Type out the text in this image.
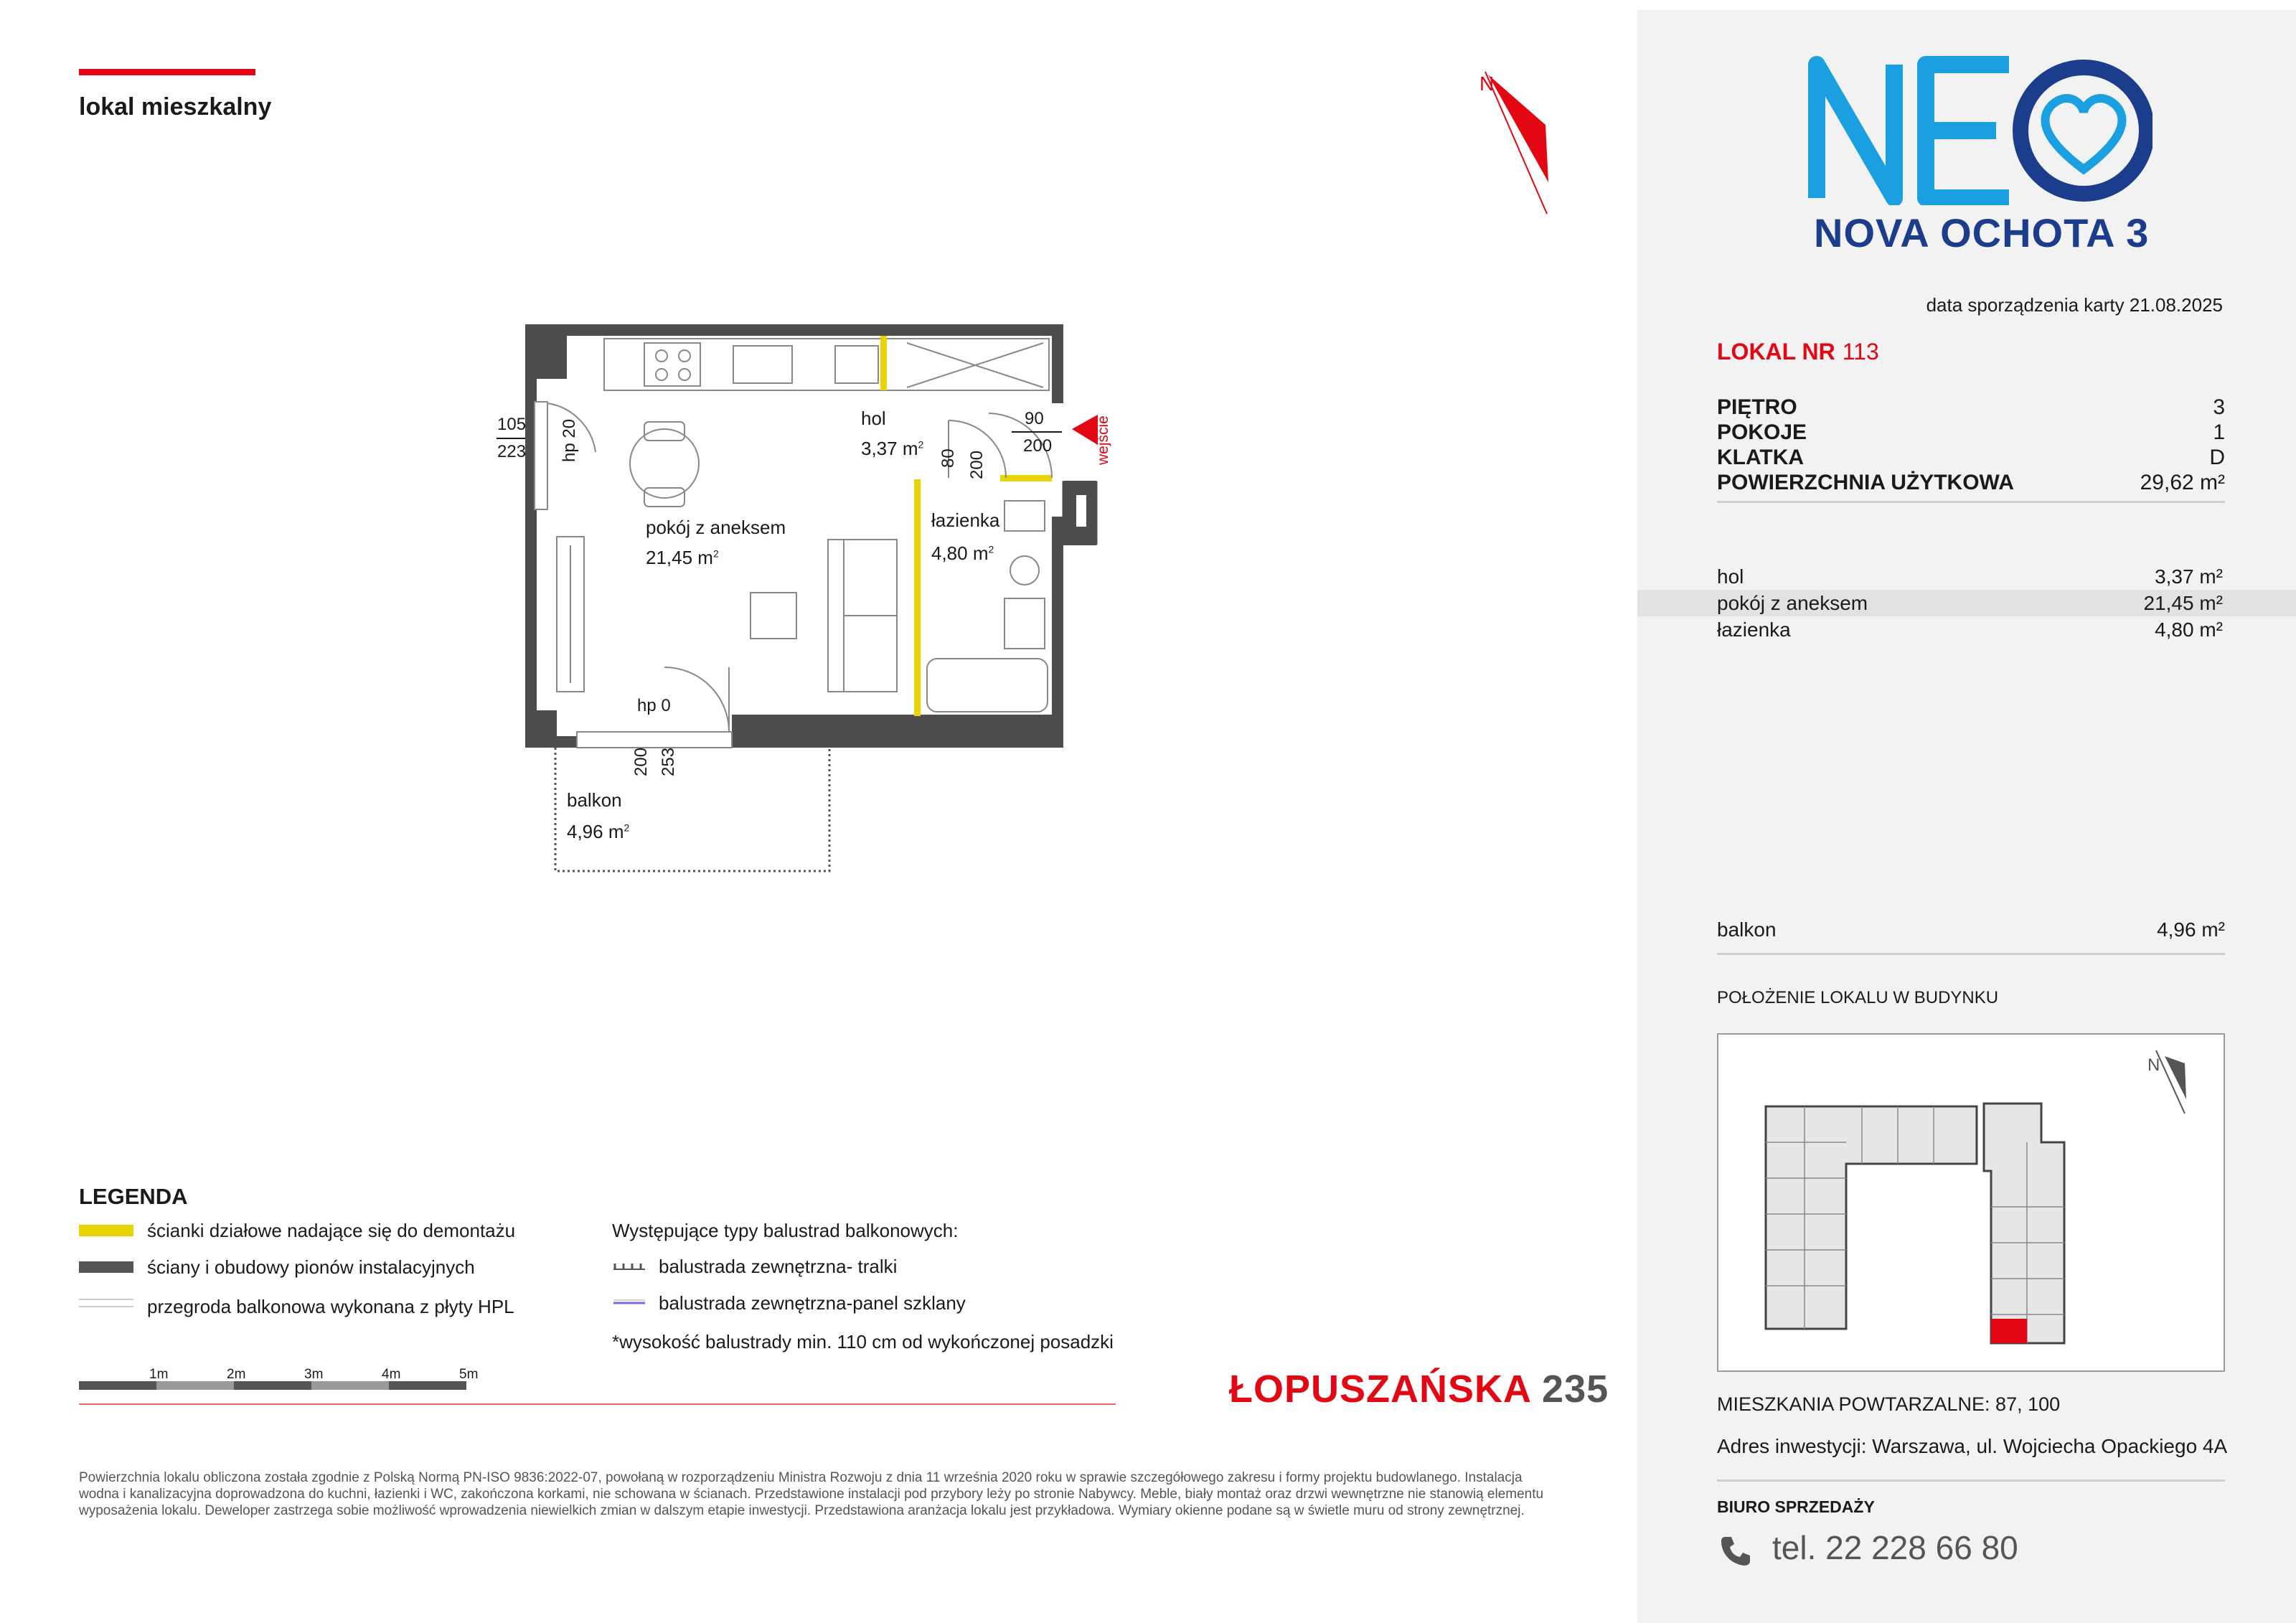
lokal mieszkalny
N
hol
3,37 $m^2$
pokój z aneksem
21,45 $m^2$
łazienka
4,80 $m^2$
balkon
4,96 $m^2$
105
223 hp 20
90
200
80 200	wejście
hp 0
200 253
LEGENDA
ścianki działowe nadające się do demontażu
ściany i obudowy pionów instalacyjnych
przegroda balkonowa wykonana z płyty HPL
Występujące typy balustrad balkonowych:
balustrada zewnętrzna- tralki
balustrada zewnętrzna-panel szklany
*wysokość balustrady min. 110 cm od wykończonej posadzki
1m	2m	3m	4m	5m	ŁOPUSZAŃSKA 235
Powierzchnia lokalu obliczona została zgodnie z Polską Normą PN-ISO 9836:2022-07, powołaną w rozporządzeniu Ministra Rozwoju z dnia 11 września 2020 roku w sprawie szczegółowego zakresu i formy projektu budowlanego. Instalacja wodna i kanalizacyjna doprowadzona do kuchni, łazienki i WC, zakończona korkami, nie schowana w ścianach. Przedstawione instalacji pod przybory leży po stronie Nabywcy. Meble, biały montaż oraz drzwi wewnętrzne nie stanowią elementu wyposażenia lokalu. Deweloper zastrzega sobie możliwość wprowadzenia niewielkich zmian w dalszym etapie inwestycji. Przedstawiona aranżacja lokalu jest przykładowa. Wymiary okienne podane są w świetle muru od strony zewnętrznej.
NOVA OCHOTA 3
data sporządzenia karty 21.08.2025
LOKAL NR 113
PIĘTRO	3
POKOJE	1
KLATKA	D
POWIERZCHNIA UŻYTKOWA	29,62 m²
hol	3,37 m²
pokój z aneksem	21,45 m²
łazienka	4,80 m²
balkon	4,96 m²
POŁOŻENIE LOKALU W BUDYNKU
N
MIESZKANIA POWTARZALNE: 87, 100
Adres inwestycji: Warszawa, ul. Wojciecha Opackiego 4A
BIURO SPRZEDAŻY
tel. 22 228 66 80
